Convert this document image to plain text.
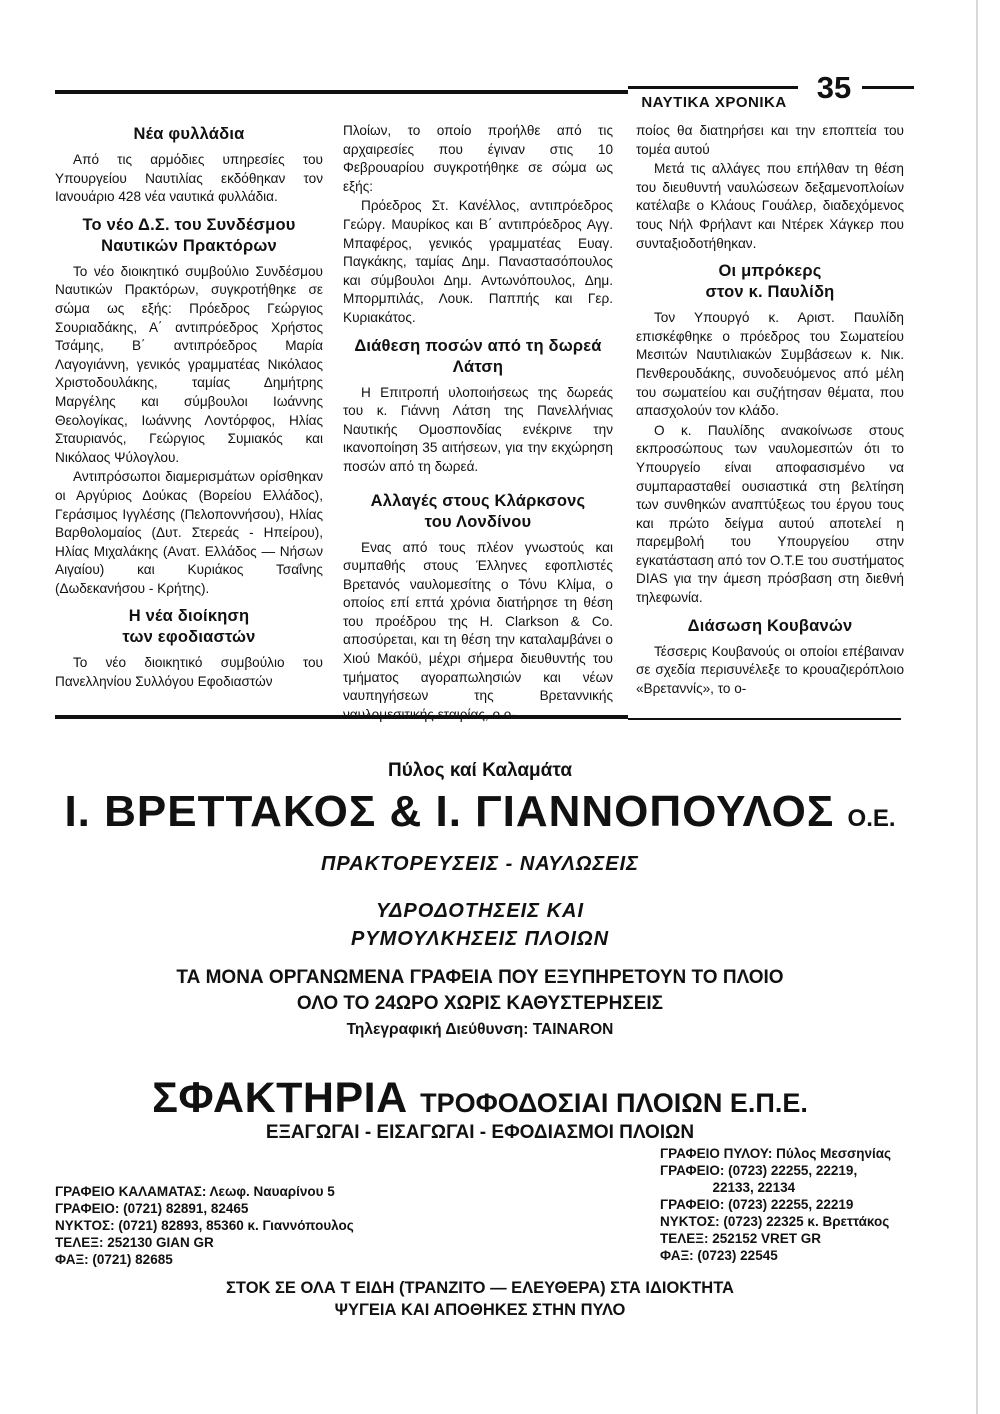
ΝΑΥΤΙΚΑ ΧΡΟΝΙΚΑ 35
Νέα φυλλάδια

Από τις αρμόδιες υπηρεσίες του Υπουργείου Ναυτιλίας εκδόθηκαν τον Ιανουάριο 428 νέα ναυτικά φυλλάδια.

Το νέο Δ.Σ. του Συνδέσμου
Ναυτικών Πρακτόρων

Το νέο διοικητικό συμβούλιο Συνδέσμου Ναυτικών Πρακτόρων, συγκροτήθηκε σε σώμα ως εξής: Πρόεδρος Γεώργιος Σουριαδάκης, Α΄ αντιπρόεδρος Χρήστος Τσάμης, Β΄ αντιπρόεδρος Μαρία Λαγογιάννη, γενικός γραμματέας Νικόλαος Χριστοδουλάκης, ταμίας Δημήτρης Μαργέλης και σύμβουλοι Ιωάννης Θεολογίκας, Ιωάννης Λοντόρφος, Ηλίας Σταυριανός, Γεώργιος Συμιακός και Νικόλαος Ψύλογλου.

Αντιπρόσωποι διαμερισμάτων ορίσθηκαν οι Αργύριος Δούκας (Βορείου Ελλάδος), Γεράσιμος Ιγγλέσης (Πελοποννήσου), Ηλίας Βαρθολομαίος (Δυτ. Στερεάς - Ηπείρου), Ηλίας Μιχαλάκης (Ανατ. Ελλάδος — Νήσων Αιγαίου) και Κυριάκος Τσαΐνης (Δωδεκανήσου - Κρήτης).

Η νέα διοίκηση
των εφοδιαστών

Το νέο διοικητικό συμβούλιο του Πανελληνίου Συλλόγου Εφοδιαστών

Πλοίων, το οποίο προήλθε από τις αρχαιρεσίες που έγιναν στις 10 Φεβρουαρίου συγκροτήθηκε σε σώμα ως εξής:

Πρόεδρος Στ. Κανέλλος, αντιπρόεδρος Γεώργ. Μαυρίκος και Β΄ αντιπρόεδρος Αγγ. Μπαφέρος, γενικός γραμματέας Ευαγ. Παγκάκης, ταμίας Δημ. Παναστασόπουλος και σύμβουλοι Δημ. Αντωνόπουλος, Δημ. Μπορμπιλάς, Λουκ. Παππής και Γερ. Κυριακάτος.

Διάθεση ποσών από τη δωρεά
Λάτση

Η Επιτροπή υλοποιήσεως της δωρεάς του κ. Γιάννη Λάτση της Πανελλήνιας Ναυτικής Ομοσπονδίας ενέκρινε την ικανοποίηση 35 αιτήσεων, για την εκχώρηση ποσών από τη δωρεά.

Αλλαγές στους Κλάρκσονς
του Λονδίνου

Ενας από τους πλέον γνωστούς και συμπαθής στους Έλληνες εφοπλιστές Βρετανός ναυλομεσίτης ο Τόνυ Κλίμα, ο οποίος επί επτά χρόνια διατήρησε τη θέση του προέδρου της Η. Clarkson & Co. αποσύρεται, και τη θέση την καταλαμβάνει ο Χιού Μακόϋ, μέχρι σήμερα διευθυντής του τμήματος αγοραπωλησιών και νέων ναυπηγήσεων της Βρεταννικής

ποίος θα διατηρήσει και την εποπτεία του τομέα αυτού

Μετά τις αλλάγες που επήλθαν τη θέση του διευθυντή ναυλώσεων δεξαμενοπλοίων κατέλαβε ο Κλάους Γουάλερ, διαδεχόμενος τους Νήλ Φρήλαντ και Ντέρεκ Χάγκερ που συνταξιοδοτήθηκαν.

Οι μπρόκερς
στον κ. Παυλίδη

Τον Υπουργό κ. Αριστ. Παυλίδη επισκέφθηκε ο πρόεδρος του Σωματείου Μεσιτών Ναυτιλιακών Συμβάσεων κ. Νικ. Πενθερουδάκης, συνοδευόμενος από μέλη του σωματείου και συζήτησαν θέματα, που απασχολούν τον κλάδο.

Ο κ. Παυλίδης ανακοίνωσε στους εκπροσώπους των ναυλομεσιτών ότι το Υπουργείο είναι αποφασισμένο να συμπαρασταθεί ουσιαστικά στη βελτίηση των συνθηκών αναπτύξεως του έργου τους και πρώτο δείγμα αυτού αποτελεί η παρεμβολή του Υπουργείου στην εγκατάσταση από τον Ο.Τ.Ε του συστήματος DIAS για την άμεση πρόσβαση στη διεθνή τηλεφωνία.

Διάσωση Κουβανών

Τέσσερις Κουβανούς οι οποίοι επέβαιναν σε σχεδία περισυνέλεξε το κρουαζιερόπλοιο «Βρεταννίς», το ο-

Πύλος καί Καλαμάτα
Ι. ΒΡΕΤΤΑΚΟΣ & Ι. ΓΙΑΝΝΟΠΟΥΛΟΣ Ο.Ε.
ΠΡΑΚΤΟΡΕΥΣΕΙΣ - ΝΑΥΛΩΣΕΙΣ
ΥΔΡΟΔΟΤΗΣΕΙΣ ΚΑΙ
ΡΥΜΟΥΛΚΗΣΕΙΣ ΠΛΟΙΩΝ
ΤΑ ΜΟΝΑ ΟΡΓΑΝΩΜΕΝΑ ΓΡΑΦΕΙΑ ΠΟΥ ΕΞΥΠΗΡΕΤΟΥΝ ΤΟ ΠΛΟΙΟ
ΟΛΟ ΤΟ 24ΩΡΟ ΧΩΡΙΣ ΚΑΘΥΣΤΕΡΗΣΕΙΣ
Τηλεγραφική Διεύθυνση: TAINARON
ΣΦΑΚΤΗΡΙΑ ΤΡΟΦΟΔΟΣΙΑΙ ΠΛΟΙΩΝ Ε.Π.Ε.
ΕΞΑΓΩΓΑΙ - ΕΙΣΑΓΩΓΑΙ - ΕΦΟΔΙΑΣΜΟΙ ΠΛΟΙΩΝ
ΓΡΑΦΕΙΟ ΚΑΛΑΜΑΤΑΣ: Λεωφ. Ναυαρίνου 5
ΓΡΑΦΕΙΟ: (0721) 82891, 82465
ΝΥΚΤΟΣ: (0721) 82893, 85360 κ. Γιαννόπουλος
ΤΕΛΕΞ: 252130 GIAN GR
ΦΑΞ: (0721) 82685
ΓΡΑΦΕΙΟ ΠΥΛΟΥ: Πύλος Μεσσηνίας
ΓΡΑΦΕΙΟ: (0723) 22255, 22219,
22133, 22134
ΓΡΑΦΕΙΟ: (0723) 22255, 22219
ΝΥΚΤΟΣ: (0723) 22325 κ. Βρεττάκος
ΤΕΛΕΞ: 252152 VRET GR
ΦΑΞ: (0723) 22545
ΣΤΟΚ ΣΕ ΟΛΑ Τ ΕΙΔΗ (ΤΡΑΝΖΙΤΟ — ΕΛΕΥΘΕΡΑ) ΣΤΑ ΙΔΙΟΚΤΗΤΑ
ΨΥΓΕΙΑ ΚΑΙ ΑΠΟΘΗΚΕΣ ΣΤΗΝ ΠΥΛΟ
